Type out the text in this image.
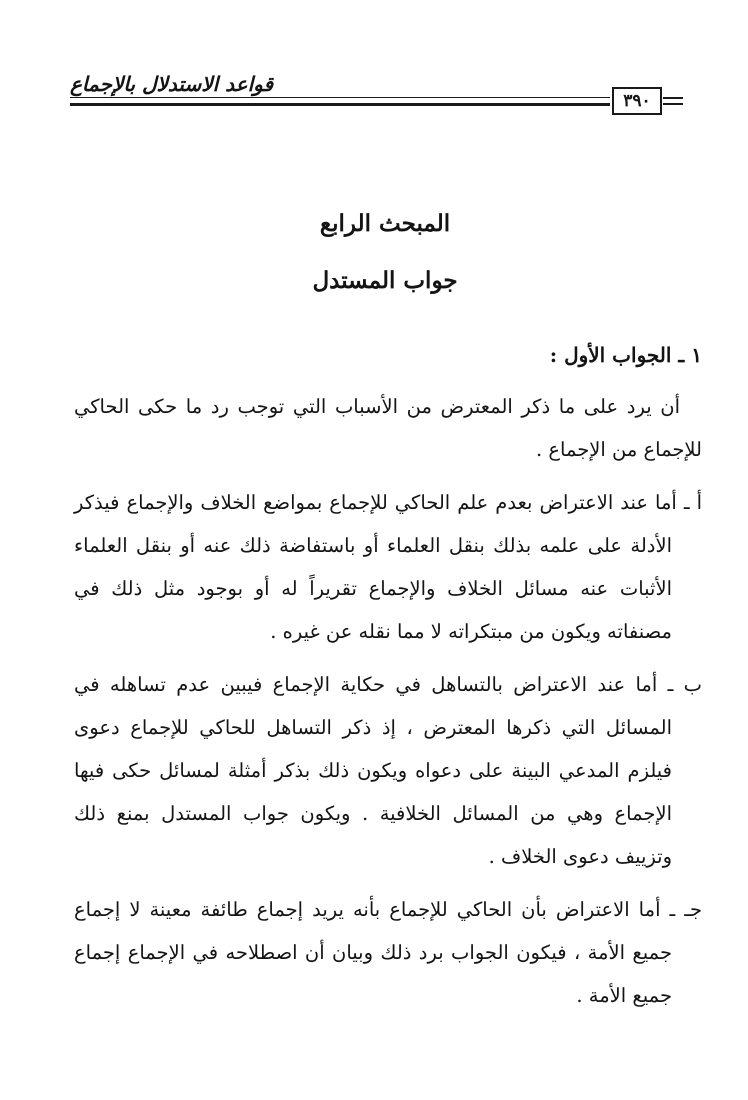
قواعد الاستدلال بالإجماع
٣٩٠
المبحث الرابع
جواب المستدل
١ ـ الجواب الأول :

أن يرد على ما ذكر المعترض من الأسباب التي توجب رد ما حكى الحاكي للإجماع من الإجماع .

أ ـ أما عند الاعتراض بعدم علم الحاكي للإجماع بمواضع الخلاف والإجماع فيذكر الأدلة على علمه بذلك بنقل العلماء أو باستفاضة ذلك عنه أو بنقل العلماء الأثبات عنه مسائل الخلاف والإجماع تقريراً له أو بوجود مثل ذلك في مصنفاته ويكون من مبتكراته لا مما نقله عن غيره .

ب ـ أما عند الاعتراض بالتساهل في حكاية الإجماع فيبين عدم تساهله في المسائل التي ذكرها المعترض ، إذ ذكر التساهل للحاكي للإجماع دعوى فيلزم المدعي البينة على دعواه ويكون ذلك بذكر أمثلة لمسائل حكى فيها الإجماع وهي من المسائل الخلافية . ويكون جواب المستدل بمنع ذلك وتزييف دعوى الخلاف .

جـ ـ أما الاعتراض بأن الحاكي للإجماع بأنه يريد إجماع طائفة معينة لا إجماع جميع الأمة ، فيكون الجواب برد ذلك وبيان أن اصطلاحه في الإجماع إجماع جميع الأمة .
